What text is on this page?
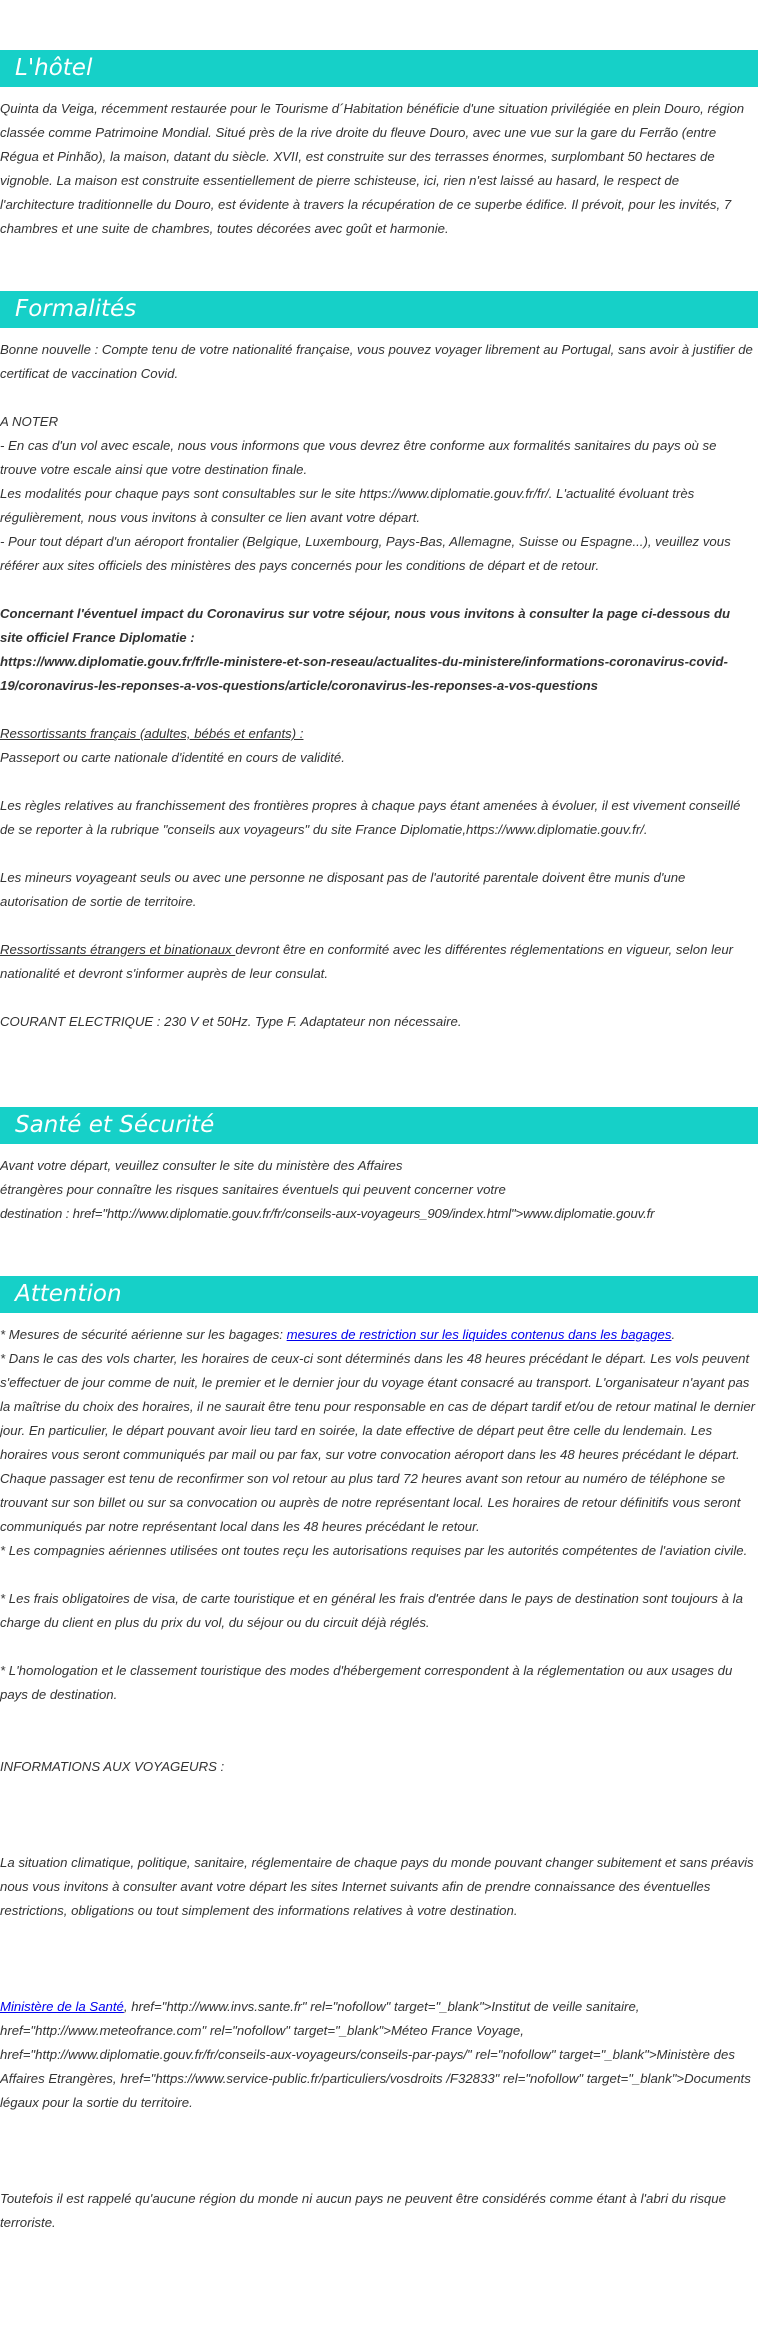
L'hôtel

Quinta da Veiga, récemment restaurée pour le Tourisme d´Habitation bénéficie d'une situation privilégiée en plein Douro, région classée comme Patrimoine Mondial. Situé près de la rive droite du fleuve Douro, avec une vue sur la gare du Ferrão (entre Régua et Pinhão), la maison, datant du siècle. XVII, est construite sur des terrasses énormes, surplombant 50 hectares de vignoble. La maison est construite essentiellement de pierre schisteuse, ici, rien n'est laissé au hasard, le respect de l'architecture traditionnelle du Douro, est évidente à travers la récupération de ce superbe édifice. Il prévoit, pour les invités, 7 chambres et une suite de chambres, toutes décorées avec goût et harmonie.

Formalités

Bonne nouvelle : Compte tenu de votre nationalité française, vous pouvez voyager librement au Portugal, sans avoir à justifier de certificat de vaccination Covid.

A NOTER

- En cas d'un vol avec escale, nous vous informons que vous devrez être conforme aux formalités sanitaires du pays où se trouve votre escale ainsi que votre destination finale.

Les modalités pour chaque pays sont consultables sur le site https://www.diplomatie.gouv.fr/fr/. L'actualité évoluant très régulièrement, nous vous invitons à consulter ce lien avant votre départ.

- Pour tout départ d'un aéroport frontalier (Belgique, Luxembourg, Pays-Bas, Allemagne, Suisse ou Espagne...), veuillez vous référer aux sites officiels des ministères des pays concernés pour les conditions de départ et de retour.

Concernant l'éventuel impact du Coronavirus sur votre séjour, nous vous invitons à consulter la page ci-dessous du site officiel France Diplomatie :

https://www.diplomatie.gouv.fr/fr/le-ministere-et-son-reseau/actualites-du-ministere/informations-coronavirus-covid-19/coronavirus-les-reponses-a-vos-questions/article/coronavirus-les-reponses-a-vos-questions

Ressortissants français (adultes, bébés et enfants) :

Passeport ou carte nationale d'identité en cours de validité.

Les règles relatives au franchissement des frontières propres à chaque pays étant amenées à évoluer, il est vivement conseillé de se reporter à la rubrique "conseils aux voyageurs" du site France Diplomatie,https://www.diplomatie.gouv.fr/.

Les mineurs voyageant seuls ou avec une personne ne disposant pas de l'autorité parentale doivent être munis d'une autorisation de sortie de territoire.

Ressortissants étrangers et binationaux devront être en conformité avec les différentes réglementations en vigueur, selon leur nationalité et devront s'informer auprès de leur consulat.

COURANT ELECTRIQUE : 230 V et 50Hz. Type F. Adaptateur non nécessaire.

Santé et Sécurité

Avant votre départ, veuillez consulter le site du ministère des Affaires

étrangères pour connaître les risques sanitaires éventuels qui peuvent concerner votre

destination : href="http://www.diplomatie.gouv.fr/fr/conseils-aux-voyageurs_909/index.html">www.diplomatie.gouv.fr

Attention

* Mesures de sécurité aérienne sur les bagages: mesures de restriction sur les liquides contenus dans les bagages.

* Dans le cas des vols charter, les horaires de ceux-ci sont déterminés dans les 48 heures précédant le départ. Les vols peuvent s'effectuer de jour comme de nuit, le premier et le dernier jour du voyage étant consacré au transport. L'organisateur n'ayant pas la maîtrise du choix des horaires, il ne saurait être tenu pour responsable en cas de départ tardif et/ou de retour matinal le dernier jour. En particulier, le départ pouvant avoir lieu tard en soirée, la date effective de départ peut être celle du lendemain. Les horaires vous seront communiqués par mail ou par fax, sur votre convocation aéroport dans les 48 heures précédant le départ. Chaque passager est tenu de reconfirmer son vol retour au plus tard 72 heures avant son retour au numéro de téléphone se trouvant sur son billet ou sur sa convocation ou auprès de notre représentant local. Les horaires de retour définitifs vous seront communiqués par notre représentant local dans les 48 heures précédant le retour.

* Les compagnies aériennes utilisées ont toutes reçu les autorisations requises par les autorités compétentes de l'aviation civile.

* Les frais obligatoires de visa, de carte touristique et en général les frais d'entrée dans le pays de destination sont toujours à la charge du client en plus du prix du vol, du séjour ou du circuit déjà réglés.

* L'homologation et le classement touristique des modes d'hébergement correspondent à la réglementation ou aux usages du pays de destination.

INFORMATIONS AUX VOYAGEURS :

La situation climatique, politique, sanitaire, réglementaire de chaque pays du monde pouvant changer subitement et sans préavis

nous vous invitons à consulter avant votre départ les sites Internet suivants afin de prendre connaissance des éventuelles restrictions, obligations ou tout simplement des informations relatives à votre destination.

Ministère de la Santé, href="http://www.invs.sante.fr" rel="nofollow" target="_blank">Institut de veille sanitaire, href="http://www.meteofrance.com" rel="nofollow" target="_blank">Méteo France Voyage, href="http://www.diplomatie.gouv.fr/fr/conseils-aux-voyageurs/conseils-par-pays/" rel="nofollow" target="_blank">Ministère des Affaires Etrangères, href="https://www.service-public.fr/particuliers/vosdroits /F32833" rel="nofollow" target="_blank">Documents légaux pour la sortie du territoire.

Toutefois il est rappelé qu'aucune région du monde ni aucun pays ne peuvent être considérés comme étant à l'abri du risque terroriste.
